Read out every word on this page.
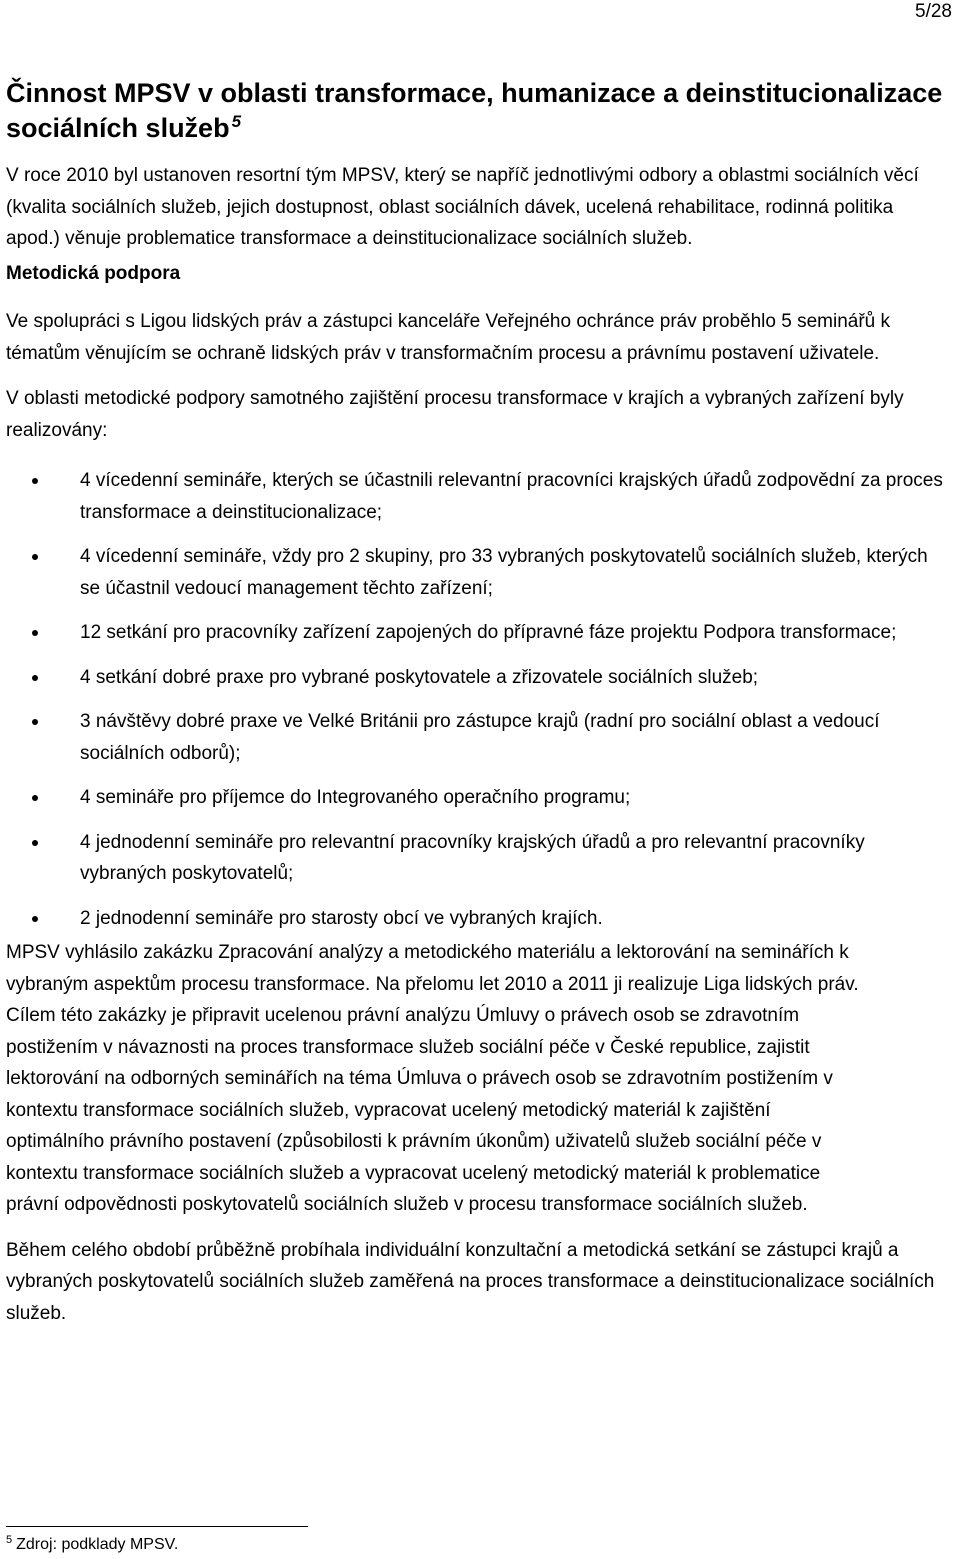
5/28
Činnost MPSV v oblasti transformace, humanizace a deinstitucionalizace sociálních služeb $^5$

V roce 2010 byl ustanoven resortní tým MPSV, který se napříč jednotlivými odbory a oblastmi sociálních věcí (kvalita sociálních služeb, jejich dostupnost, oblast sociálních dávek, ucelená rehabilitace, rodinná politika apod.) věnuje problematice transformace a deinstitucionalizace sociálních služeb.

Metodická podpora

Ve spolupráci s Ligou lidských práv a zástupci kanceláře Veřejného ochránce práv proběhlo 5 seminářů k tématům věnujícím se ochraně lidských práv v transformačním procesu a právnímu postavení uživatele.

V oblasti metodické podpory samotného zajištění procesu transformace v krajích a vybraných zařízení byly realizovány:

4 vícedenní semináře, kterých se účastnili relevantní pracovníci krajských úřadů zodpovědní za proces transformace a deinstitucionalizace;
4 vícedenní semináře, vždy pro 2 skupiny, pro 33 vybraných poskytovatelů sociálních služeb, kterých se účastnil vedoucí management těchto zařízení;
12 setkání pro pracovníky zařízení zapojených do přípravné fáze projektu Podpora transformace;
4 setkání dobré praxe pro vybrané poskytovatele a zřizovatele sociálních služeb;
3 návštěvy dobré praxe ve Velké Británii pro zástupce krajů (radní pro sociální oblast a vedoucí sociálních odborů);
4 semináře pro příjemce do Integrovaného operačního programu;
4 jednodenní semináře pro relevantní pracovníky krajských úřadů a pro relevantní pracovníky vybraných poskytovatelů;
2 jednodenní semináře pro starosty obcí ve vybraných krajích.

MPSV vyhlásilo zakázku Zpracování analýzy a metodického materiálu a lektorování na seminářích k

vybraným aspektům procesu transformace. Na přelomu let 2010 a 2011 ji realizuje Liga lidských práv.

Cílem této zakázky je připravit ucelenou právní analýzu Úmluvy o právech osob se zdravotním

postižením v návaznosti na proces transformace služeb sociální péče v České republice, zajistit

lektorování na odborných seminářích na téma Úmluva o právech osob se zdravotním postižením v

kontextu transformace sociálních služeb, vypracovat ucelený metodický materiál k zajištění

optimálního právního postavení (způsobilosti k právním úkonům) uživatelů služeb sociální péče v

kontextu transformace sociálních služeb a vypracovat ucelený metodický materiál k problematice

právní odpovědnosti poskytovatelů sociálních služeb v procesu transformace sociálních služeb.

Během celého období průběžně probíhala individuální konzultační a metodická setkání se zástupci krajů a vybraných poskytovatelů sociálních služeb zaměřená na proces transformace a deinstitucionalizace sociálních služeb.

$^5$ Zdroj: podklady MPSV.
